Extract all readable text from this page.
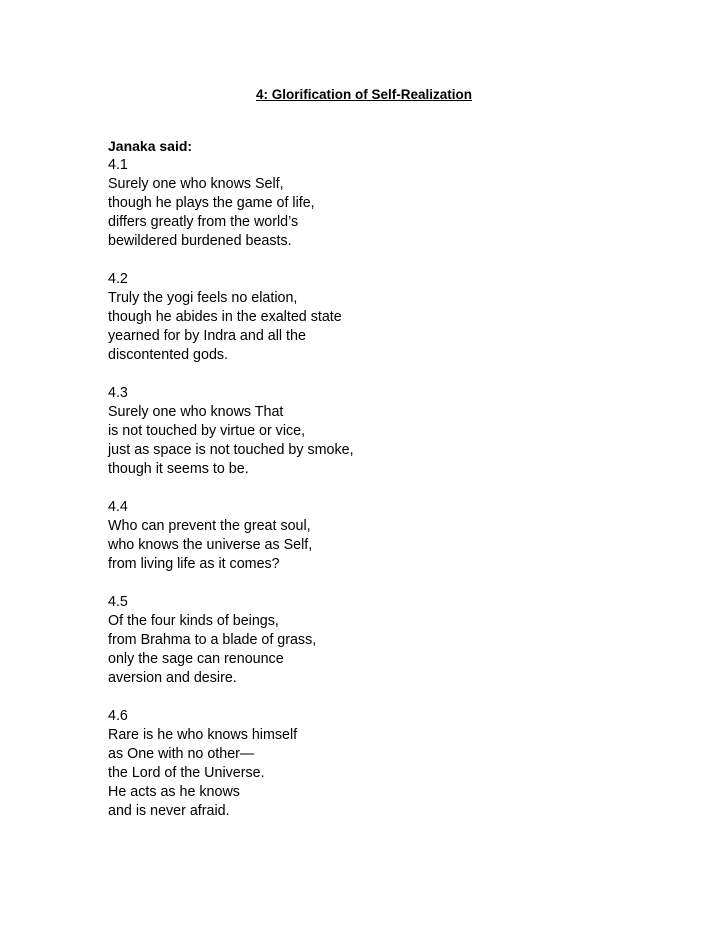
4: Glorification of Self-Realization

Janaka said:

4.1
Surely one who knows Self,
though he plays the game of life,
differs greatly from the world’s
bewildered burdened beasts.
4.2
Truly the yogi feels no elation,
though he abides in the exalted state
yearned for by Indra and all the
discontented gods.
4.3
Surely one who knows That
is not touched by virtue or vice,
just as space is not touched by smoke,
though it seems to be.
4.4
Who can prevent the great soul,
who knows the universe as Self,
from living life as it comes?
4.5
Of the four kinds of beings,
from Brahma to a blade of grass,
only the sage can renounce
aversion and desire.
4.6
Rare is he who knows himself
as One with no other—
the Lord of the Universe.
He acts as he knows
and is never afraid.
